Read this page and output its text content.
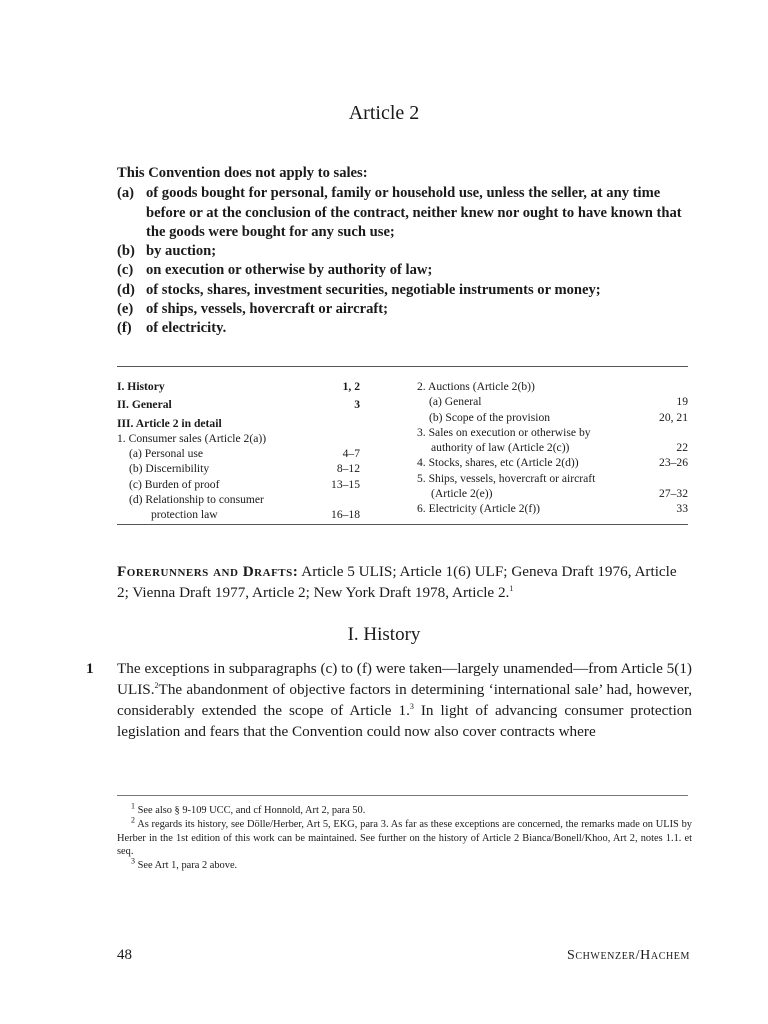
Article 2
This Convention does not apply to sales:
(a) of goods bought for personal, family or household use, unless the seller, at any time before or at the conclusion of the contract, neither knew nor ought to have known that the goods were bought for any such use;
(b) by auction;
(c) on execution or otherwise by authority of law;
(d) of stocks, shares, investment securities, negotiable instruments or money;
(e) of ships, vessels, hovercraft or aircraft;
(f) of electricity.
I. History	1, 2
II. General	3
III. Article 2 in detail
1. Consumer sales (Article 2(a))
(a) Personal use	4–7
(b) Discernibility	8–12
(c) Burden of proof	13–15
(d) Relationship to consumer
protection law	16–18
2. Auctions (Article 2(b))
(a) General	19
(b) Scope of the provision	20, 21
3. Sales on execution or otherwise by
authority of law (Article 2(c))	22
4. Stocks, shares, etc (Article 2(d))	23–26
5. Ships, vessels, hovercraft or aircraft
(Article 2(e))	27–32
6. Electricity (Article 2(f))	33
Forerunners and Drafts: Article 5 ULIS; Article 1(6) ULF; Geneva Draft 1976, Article 2; Vienna Draft 1977, Article 2; New York Draft 1978, Article 2.$^1$
I. History
1 The exceptions in subparagraphs (c) to (f) were taken—largely unamended—from Article 5(1) ULIS.$^2$The abandonment of objective factors in determining ‘international sale’ had, however, considerably extended the scope of Article 1.$^3$ In light of advancing consumer protection legislation and fears that the Convention could now also cover contracts where
$^1$ See also § 9-109 UCC, and cf Honnold, Art 2, para 50.
$^2$ As regards its history, see Dölle/Herber, Art 5, EKG, para 3. As far as these exceptions are concerned, the remarks made on ULIS by Herber in the 1st edition of this work can be maintained. See further on the history of Article 2 Bianca/Bonell/Khoo, Art 2, notes 1.1. et seq.
$^3$ See Art 1, para 2 above.
48	Schwenzer/Hachem
